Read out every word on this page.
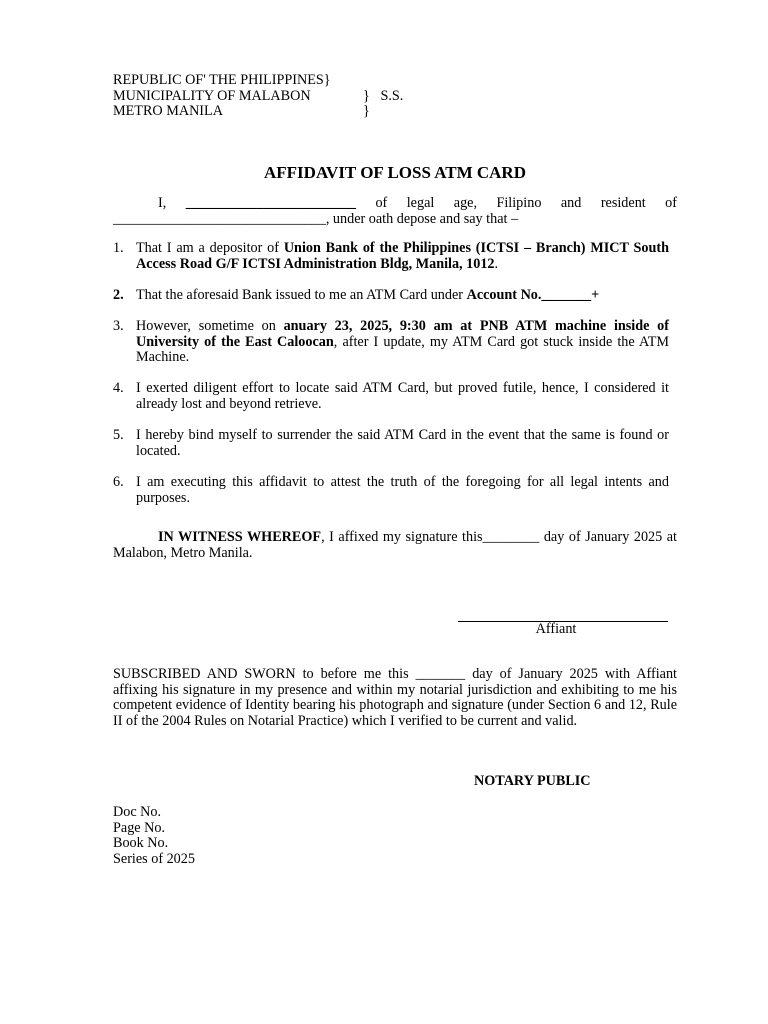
REPUBLIC OF' THE PHILIPPINES}
MUNICIPALITY OF MALABON	}   S.S.
METRO MANILA	}
AFFIDAVIT OF LOSS ATM CARD
I, ________________________ of legal age, Filipino and resident of ______________________________, under oath depose and say that –
1. That I am a depositor of Union Bank of the Philippines (ICTSI – Branch) MICT South Access Road G/F ICTSI Administration Bldg, Manila, 1012.
2. That the aforesaid Bank issued to me an ATM Card under Account No._______+
3. However, sometime on anuary 23, 2025, 9:30 am at PNB ATM machine inside of University of the East Caloocan, after I update, my ATM Card got stuck inside the ATM Machine.
4. I exerted diligent effort to locate said ATM Card, but proved futile, hence, I considered it already lost and beyond retrieve.
5. I hereby bind myself to surrender the said ATM Card in the event that the same is found or located.
6. I am executing this affidavit to attest the truth of the foregoing for all legal intents and purposes.
IN WITNESS WHEREOF, I affixed my signature this________ day of January 2025 at Malabon, Metro Manila.
Affiant
SUBSCRIBED AND SWORN to before me this _______ day of January 2025 with Affiant affixing his signature in my presence and within my notarial jurisdiction and exhibiting to me his competent evidence of Identity bearing his photograph and signature (under Section 6 and 12, Rule II of the 2004 Rules on Notarial Practice) which I verified to be current and valid.
NOTARY PUBLIC
Doc No.
Page No.
Book No.
Series of 2025
